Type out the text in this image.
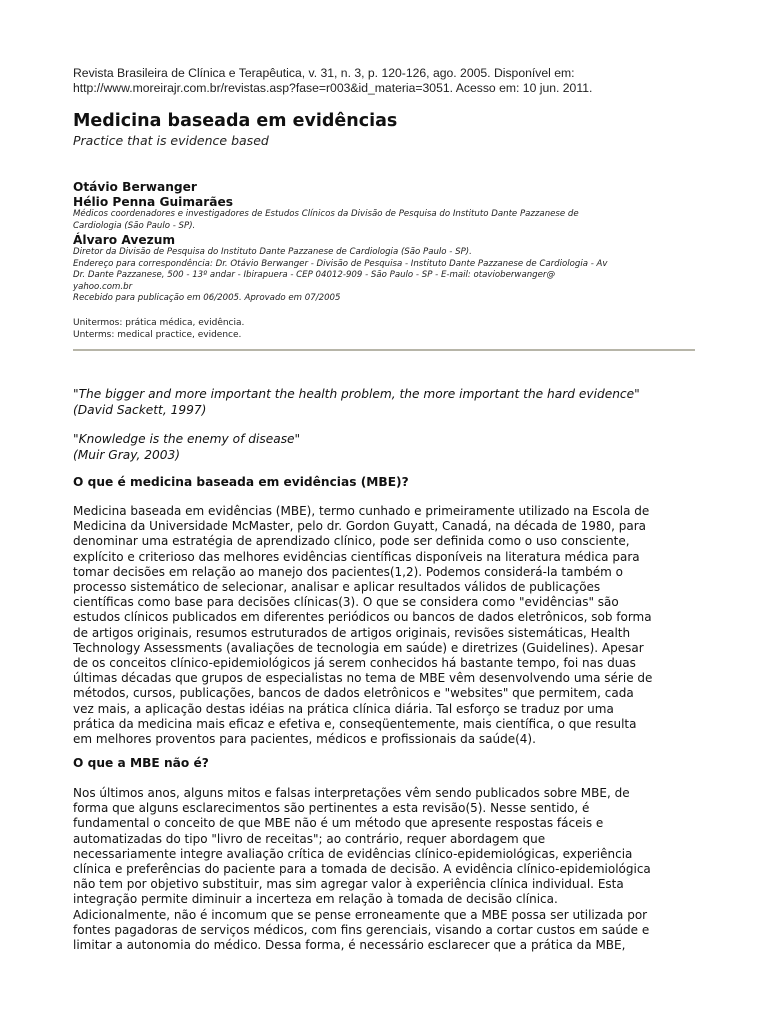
Revista Brasileira de Clínica e Terapêutica, v. 31, n. 3, p. 120-126, ago. 2005. Disponível em:
http://www.moreirajr.com.br/revistas.asp?fase=r003&id_materia=3051. Acesso em: 10 jun. 2011.
Medicina baseada em evidências
Practice that is evidence based
Otávio Berwanger
Hélio Penna Guimarães
Médicos coordenadores e investigadores de Estudos Clínicos da Divisão de Pesquisa do Instituto Dante Pazzanese de
Cardiologia (São Paulo - SP).
Álvaro Avezum
Diretor da Divisão de Pesquisa do Instituto Dante Pazzanese de Cardiologia (São Paulo - SP).
Endereço para correspondência: Dr. Otávio Berwanger - Divisão de Pesquisa - Instituto Dante Pazzanese de Cardiologia - Av
Dr. Dante Pazzanese, 500 - 13º andar - Ibirapuera - CEP 04012-909 - São Paulo - SP - E-mail: otavioberwanger@
yahoo.com.br
Recebido para publicação em 06/2005. Aprovado em 07/2005
Unitermos: prática médica, evidência.
Unterms: medical practice, evidence.
"The bigger and more important the health problem, the more important the hard evidence"
(David Sackett, 1997)
"Knowledge is the enemy of disease"
(Muir Gray, 2003)
O que é medicina baseada em evidências (MBE)?
Medicina baseada em evidências (MBE), termo cunhado e primeiramente utilizado na Escola de
Medicina da Universidade McMaster, pelo dr. Gordon Guyatt, Canadá, na década de 1980, para
denominar uma estratégia de aprendizado clínico, pode ser definida como o uso consciente,
explícito e criterioso das melhores evidências científicas disponíveis na literatura médica para
tomar decisões em relação ao manejo dos pacientes(1,2). Podemos considerá-la também o
processo sistemático de selecionar, analisar e aplicar resultados válidos de publicações
científicas como base para decisões clínicas(3). O que se considera como "evidências" são
estudos clínicos publicados em diferentes periódicos ou bancos de dados eletrônicos, sob forma
de artigos originais, resumos estruturados de artigos originais, revisões sistemáticas, Health
Technology Assessments (avaliações de tecnologia em saúde) e diretrizes (Guidelines). Apesar
de os conceitos clínico-epidemiológicos já serem conhecidos há bastante tempo, foi nas duas
últimas décadas que grupos de especialistas no tema de MBE vêm desenvolvendo uma série de
métodos, cursos, publicações, bancos de dados eletrônicos e "websites" que permitem, cada
vez mais, a aplicação destas idéias na prática clínica diária. Tal esforço se traduz por uma
prática da medicina mais eficaz e efetiva e, conseqüentemente, mais científica, o que resulta
em melhores proventos para pacientes, médicos e profissionais da saúde(4).
O que a MBE não é?
Nos últimos anos, alguns mitos e falsas interpretações vêm sendo publicados sobre MBE, de
forma que alguns esclarecimentos são pertinentes a esta revisão(5). Nesse sentido, é
fundamental o conceito de que MBE não é um método que apresente respostas fáceis e
automatizadas do tipo "livro de receitas"; ao contrário, requer abordagem que
necessariamente integre avaliação crítica de evidências clínico-epidemiológicas, experiência
clínica e preferências do paciente para a tomada de decisão. A evidência clínico-epidemiológica
não tem por objetivo substituir, mas sim agregar valor à experiência clínica individual. Esta
integração permite diminuir a incerteza em relação à tomada de decisão clínica.
Adicionalmente, não é incomum que se pense erroneamente que a MBE possa ser utilizada por
fontes pagadoras de serviços médicos, com fins gerenciais, visando a cortar custos em saúde e
limitar a autonomia do médico. Dessa forma, é necessário esclarecer que a prática da MBE,
